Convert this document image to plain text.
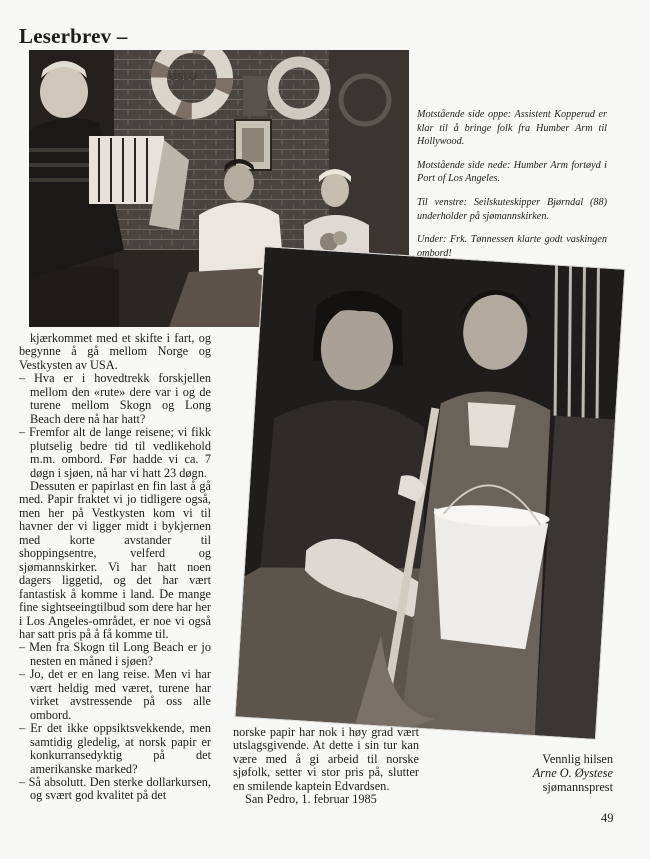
Leserbrev –
OSLO

Motstående side oppe: Assistent Kopperud er klar til å bringe folk fra Humber Arm til Hollywood.

Motstående side nede: Humber Arm fortøyd i Port of Los Angeles.

Til venstre: Seilskuteskipper Bjørndal (88) underholder på sjømannskirken.

Under: Frk. Tønnessen klarte godt vaskingen ombord!

kjærkommet med et skifte i fart, og begynne å gå mellom Norge og Vestkysten av USA.

– Hva er i hovedtrekk forskjellen mellom den «rute» dere var i og de turene mellom Skogn og Long Beach dere nå har hatt?

– Fremfor alt de lange reisene; vi fikk plutselig bedre tid til vedlikehold m.m. ombord. Før hadde vi ca. 7 døgn i sjøen, nå har vi hatt 23 døgn.

Dessuten er papirlast en fin last å gå med. Papir fraktet vi jo tidligere også, men her på Vestkysten kom vi til havner der vi ligger midt i bykjernen med korte avstander til shoppingsentre, velferd og sjømannskirker. Vi har hatt noen dagers liggetid, og det har vært fantastisk å komme i land. De mange fine sightseeingtilbud som dere har her i Los Angeles-området, er noe vi også har satt pris på å få komme til.

– Men fra Skogn til Long Beach er jo nesten en måned i sjøen?

– Jo, det er en lang reise. Men vi har vært heldig med været, turene har virket avstressende på oss alle ombord.

– Er det ikke oppsiktsvekkende, men samtidig gledelig, at norsk papir er konkurransedyktig på det amerikanske marked?

– Så absolutt. Den sterke dollarkursen, og svært god kvalitet på det

norske papir har nok i høy grad vært utslagsgivende. At dette i sin tur kan være med å gi arbeid til norske sjøfolk, setter vi stor pris på, slutter en smilende kaptein Edvardsen.

San Pedro, 1. februar 1985
Vennlig hilsen
Arne O. Øystese
sjømannsprest
49
